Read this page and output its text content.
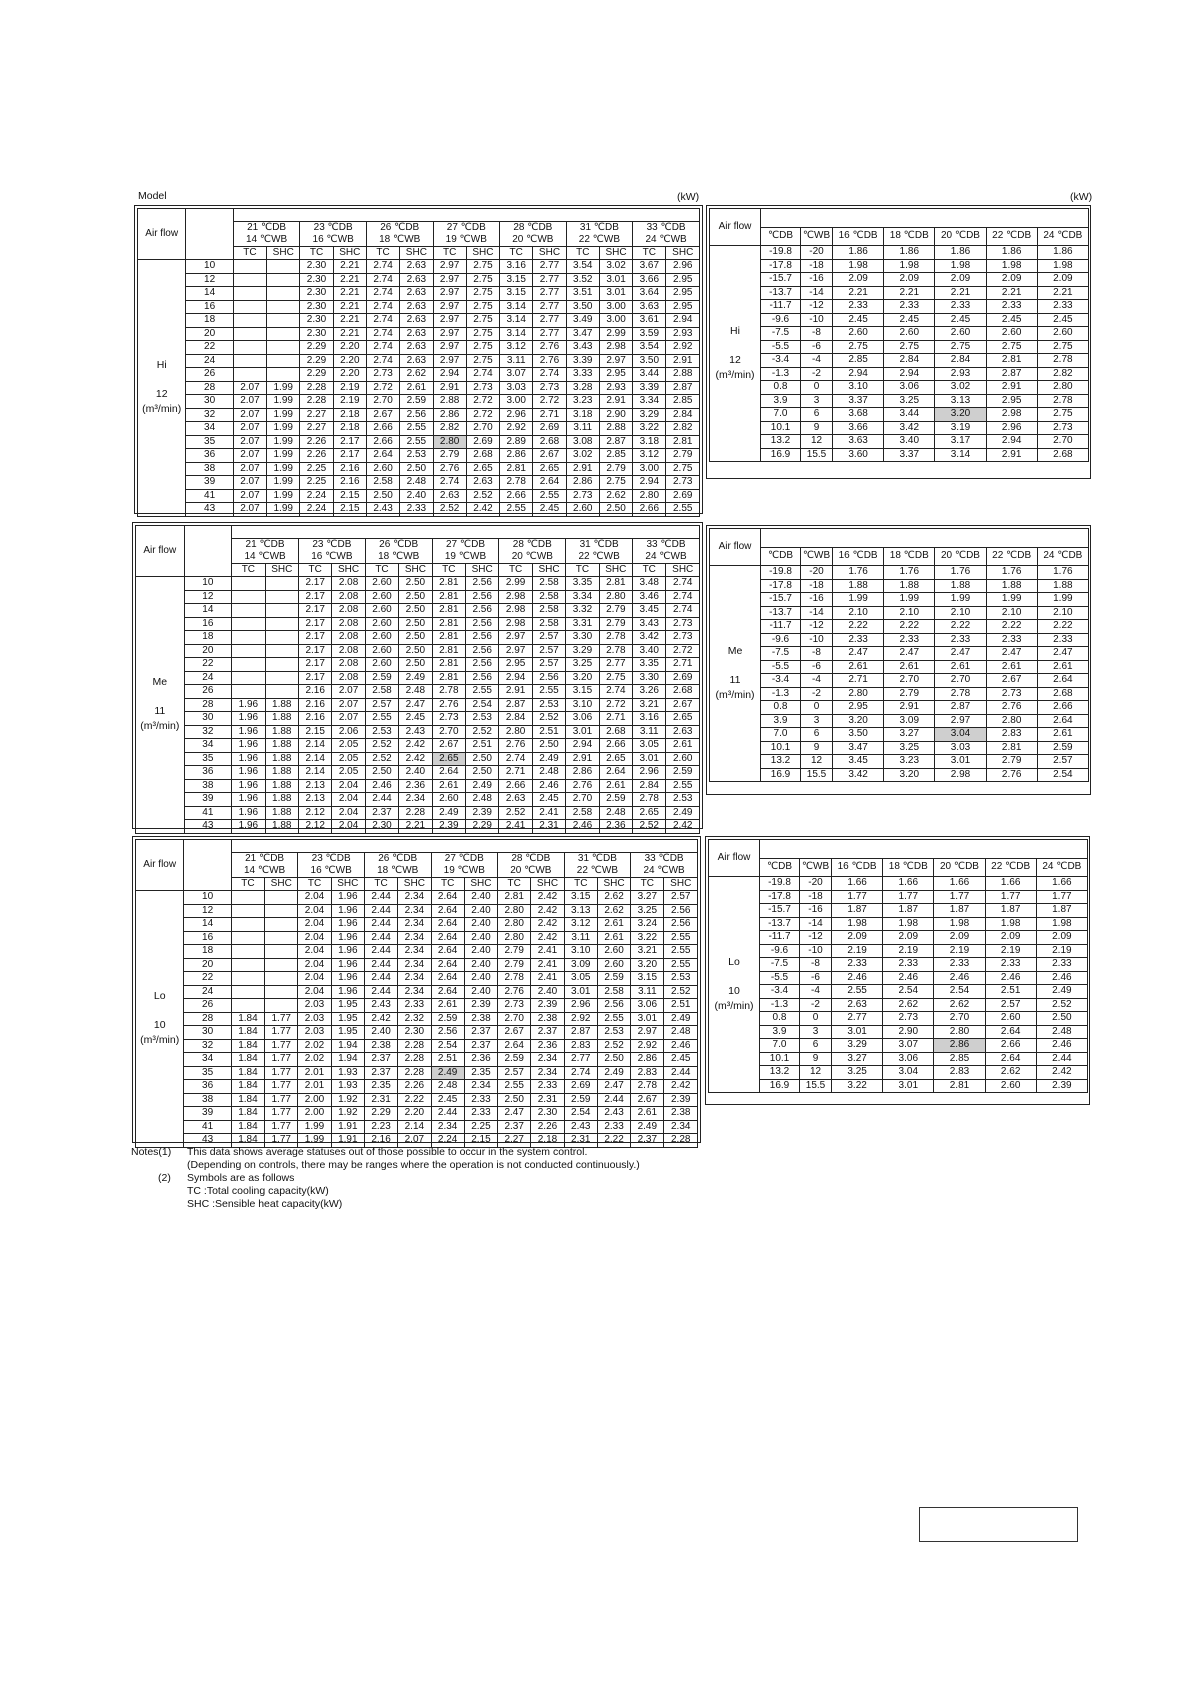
Model	(kW)	(kW)
Air flow															
		21 ℃DB		23 ℃DB		26 ℃DB		27 ℃DB		28 ℃DB		31 ℃DB		33 ℃DB	
		14 ℃WB		16 ℃WB		18 ℃WB		19 ℃WB		20 ℃WB		22 ℃WB		24 ℃WB	
		TC	SHC	TC	SHC	TC	SHC	TC	SHC	TC	SHC	TC	SHC	TC	SHC

Hi
12
(m³/min)	10			2.30	2.21	2.74	2.63	2.97	2.75	3.16	2.77	3.54	3.02	3.67	2.96
	12			2.30	2.21	2.74	2.63	2.97	2.75	3.15	2.77	3.52	3.01	3.66	2.95
	14			2.30	2.21	2.74	2.63	2.97	2.75	3.15	2.77	3.51	3.01	3.64	2.95
	16			2.30	2.21	2.74	2.63	2.97	2.75	3.14	2.77	3.50	3.00	3.63	2.95
	18			2.30	2.21	2.74	2.63	2.97	2.75	3.14	2.77	3.49	3.00	3.61	2.94
	20			2.30	2.21	2.74	2.63	2.97	2.75	3.14	2.77	3.47	2.99	3.59	2.93
	22			2.29	2.20	2.74	2.63	2.97	2.75	3.12	2.76	3.43	2.98	3.54	2.92
	24			2.29	2.20	2.74	2.63	2.97	2.75	3.11	2.76	3.39	2.97	3.50	2.91
	26			2.29	2.20	2.73	2.62	2.94	2.74	3.07	2.74	3.33	2.95	3.44	2.88
	28	2.07	1.99	2.28	2.19	2.72	2.61	2.91	2.73	3.03	2.73	3.28	2.93	3.39	2.87
	30	2.07	1.99	2.28	2.19	2.70	2.59	2.88	2.72	3.00	2.72	3.23	2.91	3.34	2.85
	32	2.07	1.99	2.27	2.18	2.67	2.56	2.86	2.72	2.96	2.71	3.18	2.90	3.29	2.84
	34	2.07	1.99	2.27	2.18	2.66	2.55	2.82	2.70	2.92	2.69	3.11	2.88	3.22	2.82
	35	2.07	1.99	2.26	2.17	2.66	2.55	2.80	2.69	2.89	2.68	3.08	2.87	3.18	2.81
	36	2.07	1.99	2.26	2.17	2.64	2.53	2.79	2.68	2.86	2.67	3.02	2.85	3.12	2.79
	38	2.07	1.99	2.25	2.16	2.60	2.50	2.76	2.65	2.81	2.65	2.91	2.79	3.00	2.75
	39	2.07	1.99	2.25	2.16	2.58	2.48	2.74	2.63	2.78	2.64	2.86	2.75	2.94	2.73
	41	2.07	1.99	2.24	2.15	2.50	2.40	2.63	2.52	2.66	2.55	2.73	2.62	2.80	2.69
	43	2.07	1.99	2.24	2.15	2.43	2.33	2.52	2.42	2.55	2.45	2.60	2.50	2.66	2.55
Air flow															
		21 ℃DB		23 ℃DB		26 ℃DB		27 ℃DB		28 ℃DB		31 ℃DB		33 ℃DB	
		14 ℃WB		16 ℃WB		18 ℃WB		19 ℃WB		20 ℃WB		22 ℃WB		24 ℃WB	
		TC	SHC	TC	SHC	TC	SHC	TC	SHC	TC	SHC	TC	SHC	TC	SHC

Me
11
(m³/min)	10			2.17	2.08	2.60	2.50	2.81	2.56	2.99	2.58	3.35	2.81	3.48	2.74
	12			2.17	2.08	2.60	2.50	2.81	2.56	2.98	2.58	3.34	2.80	3.46	2.74
	14			2.17	2.08	2.60	2.50	2.81	2.56	2.98	2.58	3.32	2.79	3.45	2.74
	16			2.17	2.08	2.60	2.50	2.81	2.56	2.98	2.58	3.31	2.79	3.43	2.73
	18			2.17	2.08	2.60	2.50	2.81	2.56	2.97	2.57	3.30	2.78	3.42	2.73
	20			2.17	2.08	2.60	2.50	2.81	2.56	2.97	2.57	3.29	2.78	3.40	2.72
	22			2.17	2.08	2.60	2.50	2.81	2.56	2.95	2.57	3.25	2.77	3.35	2.71
	24			2.17	2.08	2.59	2.49	2.81	2.56	2.94	2.56	3.20	2.75	3.30	2.69
	26			2.16	2.07	2.58	2.48	2.78	2.55	2.91	2.55	3.15	2.74	3.26	2.68
	28	1.96	1.88	2.16	2.07	2.57	2.47	2.76	2.54	2.87	2.53	3.10	2.72	3.21	2.67
	30	1.96	1.88	2.16	2.07	2.55	2.45	2.73	2.53	2.84	2.52	3.06	2.71	3.16	2.65
	32	1.96	1.88	2.15	2.06	2.53	2.43	2.70	2.52	2.80	2.51	3.01	2.68	3.11	2.63
	34	1.96	1.88	2.14	2.05	2.52	2.42	2.67	2.51	2.76	2.50	2.94	2.66	3.05	2.61
	35	1.96	1.88	2.14	2.05	2.52	2.42	2.65	2.50	2.74	2.49	2.91	2.65	3.01	2.60
	36	1.96	1.88	2.14	2.05	2.50	2.40	2.64	2.50	2.71	2.48	2.86	2.64	2.96	2.59
	38	1.96	1.88	2.13	2.04	2.46	2.36	2.61	2.49	2.66	2.46	2.76	2.61	2.84	2.55
	39	1.96	1.88	2.13	2.04	2.44	2.34	2.60	2.48	2.63	2.45	2.70	2.59	2.78	2.53
	41	1.96	1.88	2.12	2.04	2.37	2.28	2.49	2.39	2.52	2.41	2.58	2.48	2.65	2.49
	43	1.96	1.88	2.12	2.04	2.30	2.21	2.39	2.29	2.41	2.31	2.46	2.36	2.52	2.42
Air flow															
		21 ℃DB		23 ℃DB		26 ℃DB		27 ℃DB		28 ℃DB		31 ℃DB		33 ℃DB	
		14 ℃WB		16 ℃WB		18 ℃WB		19 ℃WB		20 ℃WB		22 ℃WB		24 ℃WB	
		TC	SHC	TC	SHC	TC	SHC	TC	SHC	TC	SHC	TC	SHC	TC	SHC

Lo
10
(m³/min)	10			2.04	1.96	2.44	2.34	2.64	2.40	2.81	2.42	3.15	2.62	3.27	2.57
	12			2.04	1.96	2.44	2.34	2.64	2.40	2.80	2.42	3.13	2.62	3.25	2.56
	14			2.04	1.96	2.44	2.34	2.64	2.40	2.80	2.42	3.12	2.61	3.24	2.56
	16			2.04	1.96	2.44	2.34	2.64	2.40	2.80	2.42	3.11	2.61	3.22	2.55
	18			2.04	1.96	2.44	2.34	2.64	2.40	2.79	2.41	3.10	2.60	3.21	2.55
	20			2.04	1.96	2.44	2.34	2.64	2.40	2.79	2.41	3.09	2.60	3.20	2.55
	22			2.04	1.96	2.44	2.34	2.64	2.40	2.78	2.41	3.05	2.59	3.15	2.53
	24			2.04	1.96	2.44	2.34	2.64	2.40	2.76	2.40	3.01	2.58	3.11	2.52
	26			2.03	1.95	2.43	2.33	2.61	2.39	2.73	2.39	2.96	2.56	3.06	2.51
	28	1.84	1.77	2.03	1.95	2.42	2.32	2.59	2.38	2.70	2.38	2.92	2.55	3.01	2.49
	30	1.84	1.77	2.03	1.95	2.40	2.30	2.56	2.37	2.67	2.37	2.87	2.53	2.97	2.48
	32	1.84	1.77	2.02	1.94	2.38	2.28	2.54	2.37	2.64	2.36	2.83	2.52	2.92	2.46
	34	1.84	1.77	2.02	1.94	2.37	2.28	2.51	2.36	2.59	2.34	2.77	2.50	2.86	2.45
	35	1.84	1.77	2.01	1.93	2.37	2.28	2.49	2.35	2.57	2.34	2.74	2.49	2.83	2.44
	36	1.84	1.77	2.01	1.93	2.35	2.26	2.48	2.34	2.55	2.33	2.69	2.47	2.78	2.42
	38	1.84	1.77	2.00	1.92	2.31	2.22	2.45	2.33	2.50	2.31	2.59	2.44	2.67	2.39
	39	1.84	1.77	2.00	1.92	2.29	2.20	2.44	2.33	2.47	2.30	2.54	2.43	2.61	2.38
	41	1.84	1.77	1.99	1.91	2.23	2.14	2.34	2.25	2.37	2.26	2.43	2.33	2.49	2.34
	43	1.84	1.77	1.99	1.91	2.16	2.07	2.24	2.15	2.27	2.18	2.31	2.22	2.37	2.28
Air flow							
	℃DB	℃WB	16 ℃DB	18 ℃DB	20 ℃DB	22 ℃DB	24 ℃DB

Hi
12
(m³/min)	-19.8	-20	1.86	1.86	1.86	1.86	1.86
	-17.8	-18	1.98	1.98	1.98	1.98	1.98
	-15.7	-16	2.09	2.09	2.09	2.09	2.09
	-13.7	-14	2.21	2.21	2.21	2.21	2.21
	-11.7	-12	2.33	2.33	2.33	2.33	2.33
	-9.6	-10	2.45	2.45	2.45	2.45	2.45
	-7.5	-8	2.60	2.60	2.60	2.60	2.60
	-5.5	-6	2.75	2.75	2.75	2.75	2.75
	-3.4	-4	2.85	2.84	2.84	2.81	2.78
	-1.3	-2	2.94	2.94	2.93	2.87	2.82
	0.8	0	3.10	3.06	3.02	2.91	2.80
	3.9	3	3.37	3.25	3.13	2.95	2.78
	7.0	6	3.68	3.44	3.20	2.98	2.75
	10.1	9	3.66	3.42	3.19	2.96	2.73
	13.2	12	3.63	3.40	3.17	2.94	2.70
	16.9	15.5	3.60	3.37	3.14	2.91	2.68
Air flow							
	℃DB	℃WB	16 ℃DB	18 ℃DB	20 ℃DB	22 ℃DB	24 ℃DB

Me
11
(m³/min)	-19.8	-20	1.76	1.76	1.76	1.76	1.76
	-17.8	-18	1.88	1.88	1.88	1.88	1.88
	-15.7	-16	1.99	1.99	1.99	1.99	1.99
	-13.7	-14	2.10	2.10	2.10	2.10	2.10
	-11.7	-12	2.22	2.22	2.22	2.22	2.22
	-9.6	-10	2.33	2.33	2.33	2.33	2.33
	-7.5	-8	2.47	2.47	2.47	2.47	2.47
	-5.5	-6	2.61	2.61	2.61	2.61	2.61
	-3.4	-4	2.71	2.70	2.70	2.67	2.64
	-1.3	-2	2.80	2.79	2.78	2.73	2.68
	0.8	0	2.95	2.91	2.87	2.76	2.66
	3.9	3	3.20	3.09	2.97	2.80	2.64
	7.0	6	3.50	3.27	3.04	2.83	2.61
	10.1	9	3.47	3.25	3.03	2.81	2.59
	13.2	12	3.45	3.23	3.01	2.79	2.57
	16.9	15.5	3.42	3.20	2.98	2.76	2.54
Air flow							
	℃DB	℃WB	16 ℃DB	18 ℃DB	20 ℃DB	22 ℃DB	24 ℃DB

Lo
10
(m³/min)	-19.8	-20	1.66	1.66	1.66	1.66	1.66
	-17.8	-18	1.77	1.77	1.77	1.77	1.77
	-15.7	-16	1.87	1.87	1.87	1.87	1.87
	-13.7	-14	1.98	1.98	1.98	1.98	1.98
	-11.7	-12	2.09	2.09	2.09	2.09	2.09
	-9.6	-10	2.19	2.19	2.19	2.19	2.19
	-7.5	-8	2.33	2.33	2.33	2.33	2.33
	-5.5	-6	2.46	2.46	2.46	2.46	2.46
	-3.4	-4	2.55	2.54	2.54	2.51	2.49
	-1.3	-2	2.63	2.62	2.62	2.57	2.52
	0.8	0	2.77	2.73	2.70	2.60	2.50
	3.9	3	3.01	2.90	2.80	2.64	2.48
	7.0	6	3.29	3.07	2.86	2.66	2.46
	10.1	9	3.27	3.06	2.85	2.64	2.44
	13.2	12	3.25	3.04	2.83	2.62	2.42
	16.9	15.5	3.22	3.01	2.81	2.60	2.39
Notes(1) This data shows average statuses out of those possible to occur in the system control.
(Depending on controls, there may be ranges where the operation is not conducted continuously.)
(2) Symbols are as follows
TC :Total cooling capacity(kW)
SHC :Sensible heat capacity(kW)
